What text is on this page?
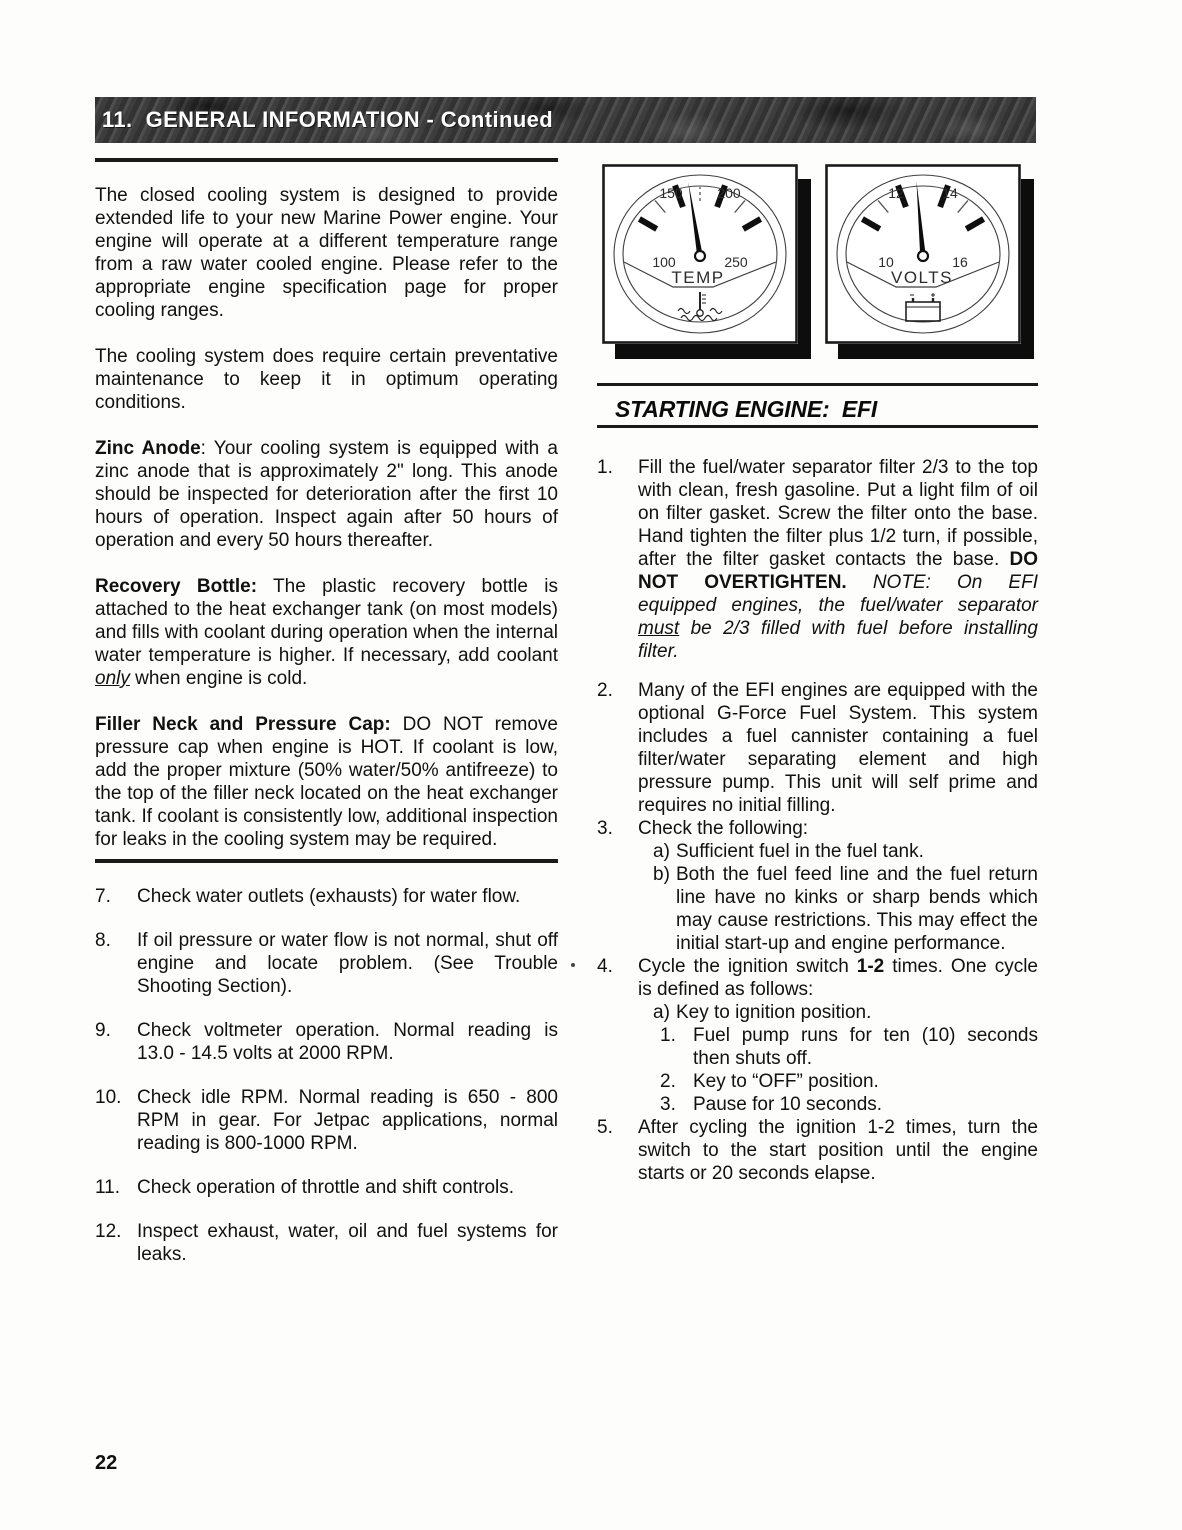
11.  GENERAL INFORMATION - Continued

The closed cooling system is designed to provide extended life to your new Marine Power engine. Your engine will operate at a different temperature range from a raw water cooled engine. Please refer to the appropriate engine specification page for proper cooling ranges.

The cooling system does require certain preventative maintenance to keep it in optimum operating conditions.

Zinc Anode: Your cooling system is equipped with a zinc anode that is approximately 2" long. This anode should be inspected for deterioration after the first 10 hours of operation. Inspect again after 50 hours of operation and every 50 hours thereafter.

Recovery Bottle: The plastic recovery bottle is attached to the heat exchanger tank (on most models) and fills with coolant during operation when the internal water temperature is higher. If necessary, add coolant only when engine is cold.

Filler Neck and Pressure Cap: DO NOT remove pressure cap when engine is HOT. If coolant is low, add the proper mixture (50% water/50% antifreeze) to the top of the filler neck located on the heat exchanger tank. If coolant is consistently low, additional inspection for leaks in the cooling system may be required.

7.	Check water outlets (exhausts) for water flow.
8.	If oil pressure or water flow is not normal, shut off engine and locate problem. (See Trouble Shooting Section).
9.	Check voltmeter operation. Normal reading is 13.0 - 14.5 volts at 2000 RPM.
10. Check idle RPM. Normal reading is 650 - 800 RPM in gear. For Jetpac applications, normal reading is 800-1000 RPM.
11. Check operation of throttle and shift controls.
12. Inspect exhaust, water, oil and fuel systems for leaks.
100
150 200
250
TEMP
10
12	14
16
VOLTS
STARTING ENGINE:  EFI
1.	Fill the fuel/water separator filter 2/3 to the top with clean, fresh gasoline. Put a light film of oil on filter gasket. Screw the filter onto the base. Hand tighten the filter plus 1/2 turn, if possible, after the filter gasket contacts the base. DO NOT OVERTIGHTEN. NOTE: On EFI equipped engines, the fuel/water separator must be 2/3 filled with fuel before installing filter.
2.	Many of the EFI engines are equipped with the optional G-Force Fuel System. This system includes a fuel cannister containing a fuel filter/water separating element and high pressure pump. This unit will self prime and requires no initial filling.
3.	Check the following:
a) Sufficient fuel in the fuel tank.
b) Both the fuel feed line and the fuel return line have no kinks or sharp bends which may cause restrictions. This may effect the initial start-up and engine performance.
4.	Cycle the ignition switch 1-2 times. One cycle is defined as follows:
a) Key to ignition position.
1. Fuel pump runs for ten (10) seconds then shuts off.
2. Key to “OFF” position.
3. Pause for 10 seconds.
5.	After cycling the ignition 1-2 times, turn the switch to the start position until the engine starts or 20 seconds elapse.
22
